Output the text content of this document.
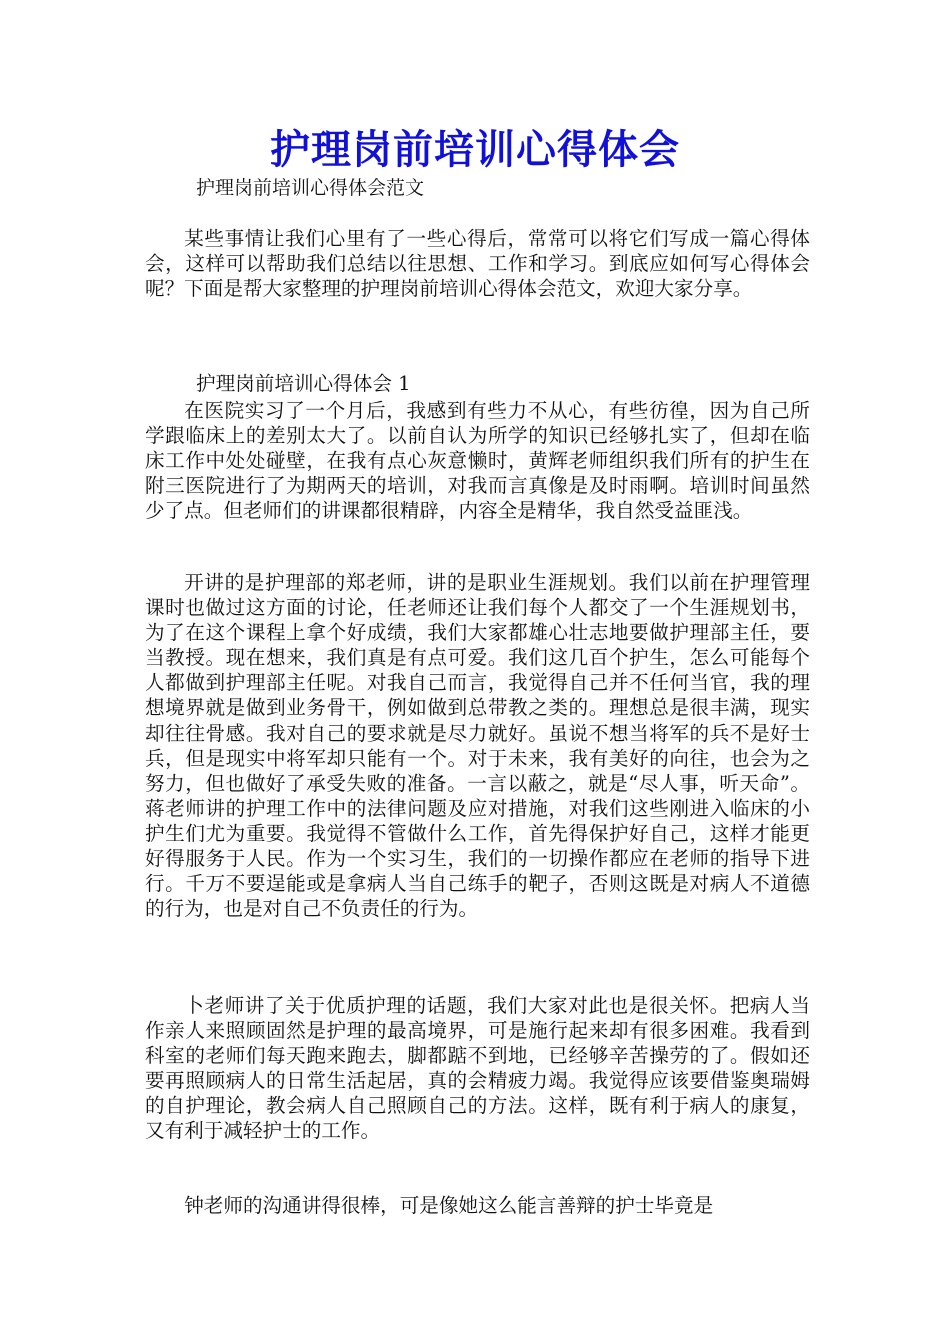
护理岗前培训心得体会
护理岗前培训心得体会范文

某些事情让我们心里有了一些心得后，常常可以将它们写成一篇心得体会，这样可以帮助我们总结以往思想、工作和学习。到底应如何写心得体会呢？下面是帮大家整理的护理岗前培训心得体会范文，欢迎大家分享。

护理岗前培训心得体会 1

在医院实习了一个月后，我感到有些力不从心，有些彷徨，因为自己所学跟临床上的差别太大了。以前自认为所学的知识已经够扎实了，但却在临床工作中处处碰壁，在我有点心灰意懒时，黄辉老师组织我们所有的护生在附三医院进行了为期两天的培训，对我而言真像是及时雨啊。培训时间虽然少了点。但老师们的讲课都很精辟，内容全是精华，我自然受益匪浅。

开讲的是护理部的郑老师，讲的是职业生涯规划。我们以前在护理管理课时也做过这方面的讨论，任老师还让我们每个人都交了一个生涯规划书，为了在这个课程上拿个好成绩，我们大家都雄心壮志地要做护理部主任，要当教授。现在想来，我们真是有点可爱。我们这几百个护生，怎么可能每个人都做到护理部主任呢。对我自己而言，我觉得自己并不任何当官，我的理想境界就是做到业务骨干，例如做到总带教之类的。理想总是很丰满，现实却往往骨感。我对自己的要求就是尽力就好。虽说不想当将军的兵不是好士兵，但是现实中将军却只能有一个。对于未来，我有美好的向往，也会为之努力，但也做好了承受失败的准备。一言以蔽之，就是“尽人事，听天命”。蒋老师讲的护理工作中的法律问题及应对措施，对我们这些刚进入临床的小护生们尤为重要。我觉得不管做什么工作，首先得保护好自己，这样才能更好得服务于人民。作为一个实习生，我们的一切操作都应在老师的指导下进行。千万不要逞能或是拿病人当自己练手的靶子，否则这既是对病人不道德的行为，也是对自己不负责任的行为。

卜老师讲了关于优质护理的话题，我们大家对此也是很关怀。把病人当作亲人来照顾固然是护理的最高境界，可是施行起来却有很多困难。我看到科室的老师们每天跑来跑去，脚都踮不到地，已经够辛苦操劳的了。假如还要再照顾病人的日常生活起居，真的会精疲力竭。我觉得应该要借鉴奥瑞姆的自护理论，教会病人自己照顾自己的方法。这样，既有利于病人的康复，又有利于减轻护士的工作。

钟老师的沟通讲得很棒，可是像她这么能言善辩的护士毕竟是
